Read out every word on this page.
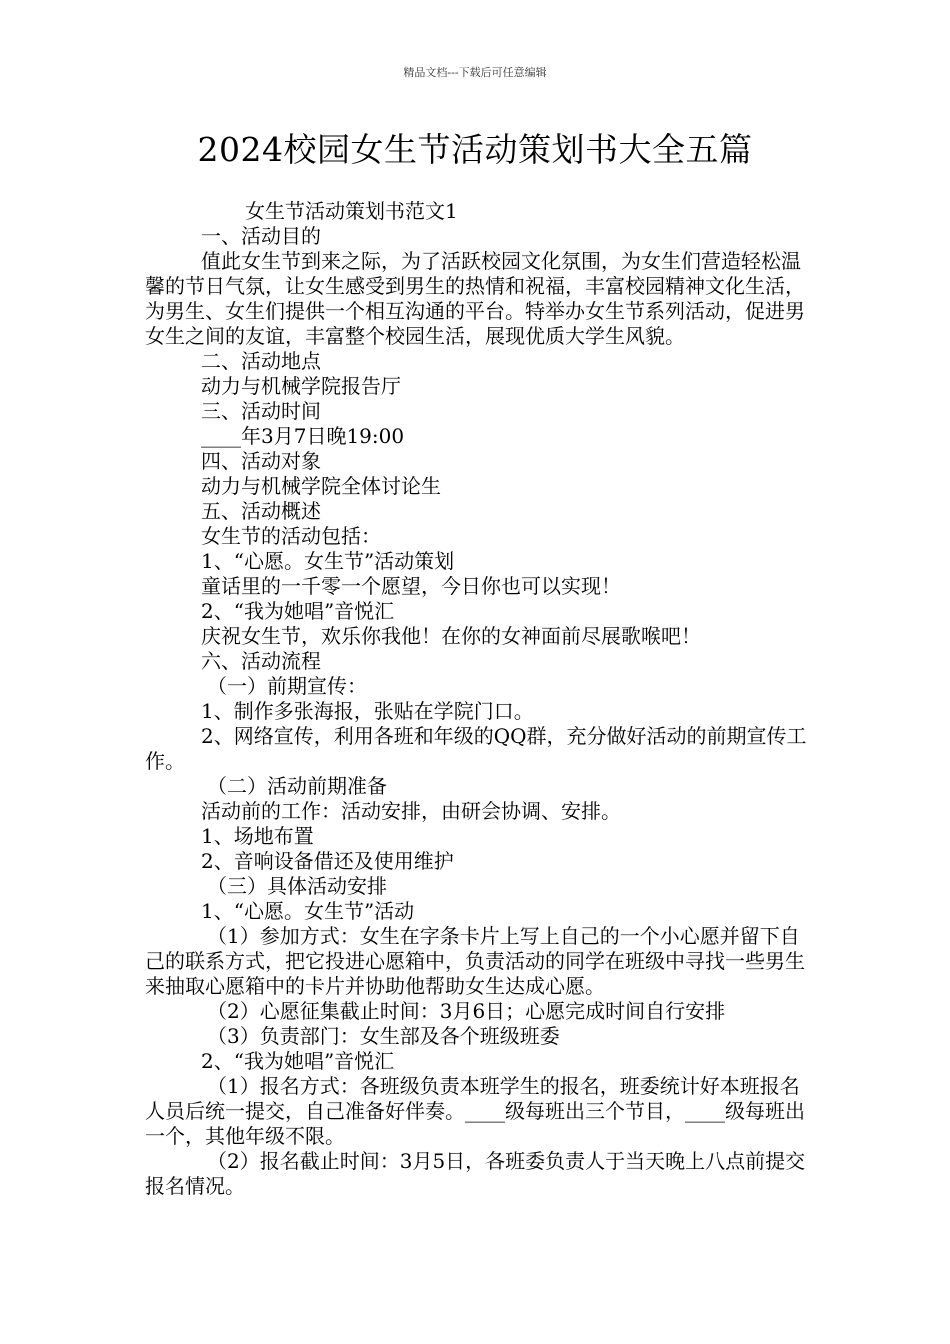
精品文档---下载后可任意编辑
2024校园女生节活动策划书大全五篇

女生节活动策划书范文1

一、活动目的

值此女生节到来之际，为了活跃校园文化氛围，为女生们营造轻松温馨的节日气氛，让女生感受到男生的热情和祝福，丰富校园精神文化生活，为男生、女生们提供一个相互沟通的平台。特举办女生节系列活动，促进男女生之间的友谊，丰富整个校园生活，展现优质大学生风貌。

二、活动地点

动力与机械学院报告厅

三、活动时间

____年3月7日晚19:00

四、活动对象

动力与机械学院全体讨论生

五、活动概述

女生节的活动包括：

1、“心愿。女生节”活动策划

童话里的一千零一个愿望，今日你也可以实现！

2、“我为她唱”音悦汇

庆祝女生节，欢乐你我他！在你的女神面前尽展歌喉吧！

六、活动流程

（一）前期宣传：

1、制作多张海报，张贴在学院门口。

2、网络宣传，利用各班和年级的QQ群，充分做好活动的前期宣传工作。

（二）活动前期准备

活动前的工作：活动安排，由研会协调、安排。

1、场地布置

2、音响设备借还及使用维护

（三）具体活动安排

1、“心愿。女生节”活动

（1）参加方式：女生在字条卡片上写上自己的一个小心愿并留下自己的联系方式，把它投进心愿箱中，负责活动的同学在班级中寻找一些男生来抽取心愿箱中的卡片并协助他帮助女生达成心愿。

（2）心愿征集截止时间：3月6日；心愿完成时间自行安排

（3）负责部门：女生部及各个班级班委

2、“我为她唱”音悦汇

（1）报名方式：各班级负责本班学生的报名，班委统计好本班报名人员后统一提交，自己准备好伴奏。____级每班出三个节目，____级每班出一个，其他年级不限。

（2）报名截止时间：3月5日，各班委负责人于当天晚上八点前提交报名情况。
